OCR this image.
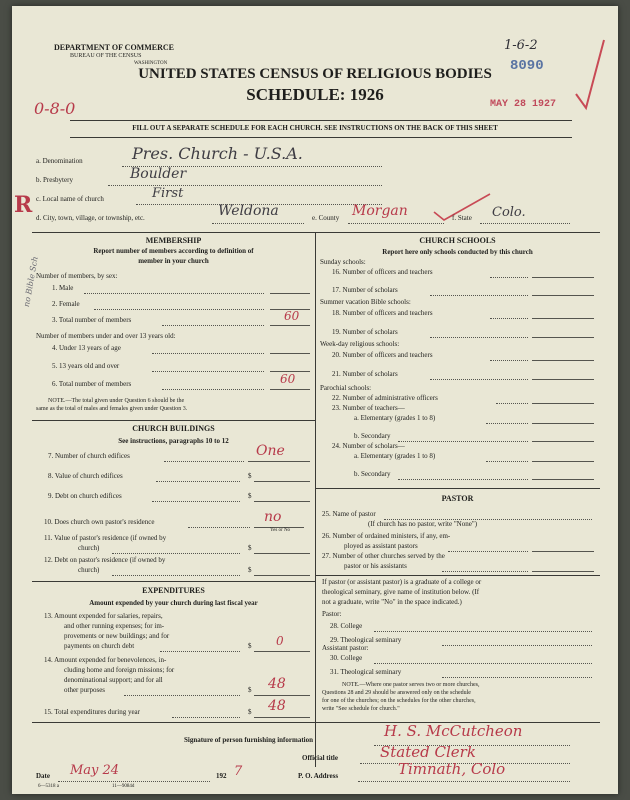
DEPARTMENT OF COMMERCE
BUREAU OF THE CENSUS
WASHINGTON
UNITED STATES CENSUS OF RELIGIOUS BODIES
SCHEDULE: 1926
1-6-2
8090
MAY 28 1927
0-8-0
FILL OUT A SEPARATE SCHEDULE FOR EACH CHURCH. SEE INSTRUCTIONS ON THE BACK OF THIS SHEET
a. Denomination	Pres. Church - U.S.A.
b. Presbytery	Boulder
c. Local name of church	First
R d. City, town, village, or township, etc.	Weldona	e. County Morgan	f. State Colo.
MEMBERSHIP
Report number of members according to definition of
member in your church
Number of members, by sex:
1. Male
2. Female
3. Total number of members	60
Number of members under and over 13 years old:
4. Under 13 years of age
5. 13 years old and over
6. Total number of members	60
NOTE.—The total given under Question 6 should be the
same as the total of males and females given under Question 3.
no Bible Sch
CHURCH BUILDINGS
See instructions, paragraphs 10 to 12
7. Number of church edifices	One
8. Value of church edifices	$
9. Debt on church edifices	$
10. Does church own pastor's residence	no
Yes or No
11. Value of pastor's residence (if owned by
church)	$
12. Debt on pastor's residence (if owned by
church)	$
EXPENDITURES
Amount expended by your church during last fiscal year
13. Amount expended for salaries, repairs,
and other running expenses; for im-
provements or new buildings; and for
payments on church debt	$ 0
14. Amount expended for benevolences, in-
cluding home and foreign missions; for
denominational support; and for all
other purposes	$ 48
15. Total expenditures during year	$ 48
CHURCH SCHOOLS
Report here only schools conducted by this church
Sunday schools:
16. Number of officers and teachers
17. Number of scholars
Summer vacation Bible schools:
18. Number of officers and teachers
19. Number of scholars
Week-day religious schools:
20. Number of officers and teachers
21. Number of scholars
Parochial schools:
22. Number of administrative officers
23. Number of teachers—
a. Elementary (grades 1 to 8)
b. Secondary
24. Number of scholars—
a. Elementary (grades 1 to 8)
b. Secondary
PASTOR
25. Name of pastor
(If church has no pastor, write "None")
26. Number of ordained ministers, if any, em-
ployed as assistant pastors
27. Number of other churches served by the
pastor or his assistants
If pastor (or assistant pastor) is a graduate of a college or
theological seminary, give name of institution below. (If
not a graduate, write "No" in the space indicated.)
Pastor:
28. College
29. Theological seminary
Assistant pastor:
30. College
31. Theological seminary
NOTE.—Where one pastor serves two or more churches,
Questions 28 and 29 should be answered only on the schedule
for one of the churches; on the schedules for the other churches,
write "See schedule for church."
Signature of person furnishing information	H. S. McCutcheon
Official title	Stated Clerk
Date May 24	192 7	P. O. Address	Timnath, Colo
6—5318 a	11—9084d
